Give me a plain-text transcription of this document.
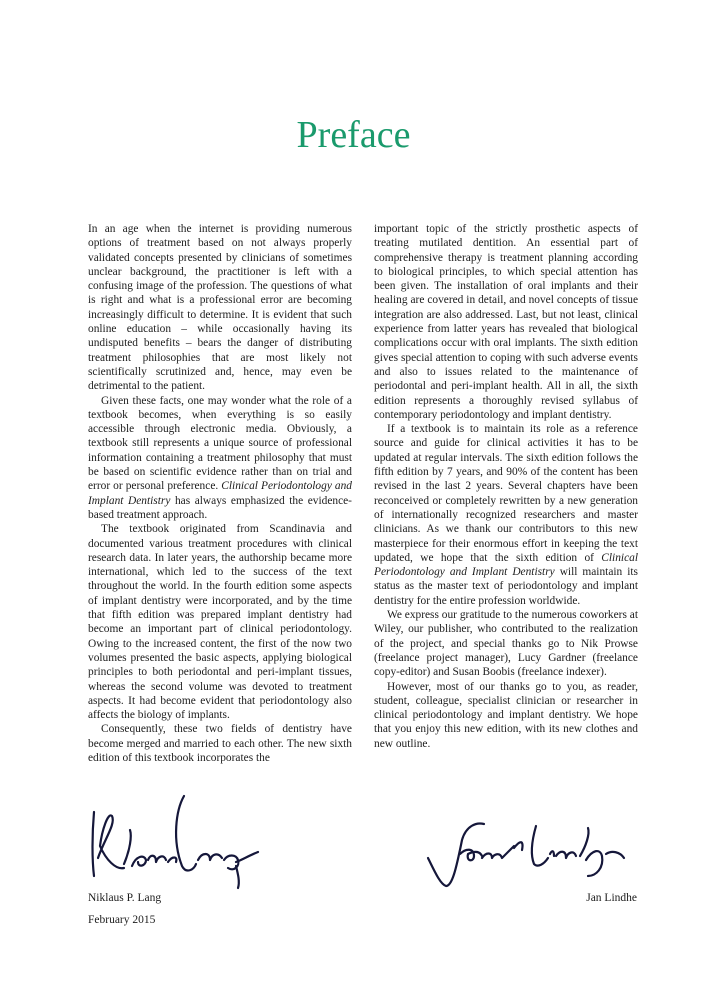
Preface

In an age when the internet is providing numerous options of treatment based on not always properly validated concepts presented by clinicians of sometimes unclear background, the practitioner is left with a confusing image of the profession. The questions of what is right and what is a professional error are becoming increasingly difficult to determine. It is evident that such online education – while occasionally having its undisputed benefits – bears the danger of distributing treatment philosophies that are most likely not scientifically scrutinized and, hence, may even be detrimental to the patient.

Given these facts, one may wonder what the role of a textbook becomes, when everything is so easily accessible through electronic media. Obviously, a textbook still represents a unique source of professional information containing a treatment philosophy that must be based on scientific evidence rather than on trial and error or personal preference. Clinical Periodontology and Implant Dentistry has always emphasized the evidence-based treatment approach.

The textbook originated from Scandinavia and documented various treatment procedures with clinical research data. In later years, the authorship became more international, which led to the success of the text throughout the world. In the fourth edition some aspects of implant dentistry were incorporated, and by the time that fifth edition was prepared implant dentistry had become an important part of clinical periodontology. Owing to the increased content, the first of the now two volumes presented the basic aspects, applying biological principles to both periodontal and peri-implant tissues, whereas the second volume was devoted to treatment aspects. It had become evident that periodontology also affects the biology of implants.

Consequently, these two fields of dentistry have become merged and married to each other. The new sixth edition of this textbook incorporates the

important topic of the strictly prosthetic aspects of treating mutilated dentition. An essential part of comprehensive therapy is treatment planning according to biological principles, to which special attention has been given. The installation of oral implants and their healing are covered in detail, and novel concepts of tissue integration are also addressed. Last, but not least, clinical experience from latter years has revealed that biological complications occur with oral implants. The sixth edition gives special attention to coping with such adverse events and also to issues related to the maintenance of periodontal and peri-implant health. All in all, the sixth edition represents a thoroughly revised syllabus of contemporary periodontology and implant dentistry.

If a textbook is to maintain its role as a reference source and guide for clinical activities it has to be updated at regular intervals. The sixth edition follows the fifth edition by 7 years, and 90% of the content has been revised in the last 2 years. Several chapters have been reconceived or completely rewritten by a new generation of internationally recognized researchers and master clinicians. As we thank our contributors to this new masterpiece for their enormous effort in keeping the text updated, we hope that the sixth edition of Clinical Periodontology and Implant Dentistry will maintain its status as the master text of periodontology and implant dentistry for the entire profession worldwide.

We express our gratitude to the numerous coworkers at Wiley, our publisher, who contributed to the realization of the project, and special thanks go to Nik Prowse (freelance project manager), Lucy Gardner (freelance copy-editor) and Susan Boobis (freelance indexer).

However, most of our thanks go to you, as reader, student, colleague, specialist clinician or researcher in clinical periodontology and implant dentistry. We hope that you enjoy this new edition, with its new clothes and new outline.

Niklaus P. Lang	Jan Lindhe
February 2015
